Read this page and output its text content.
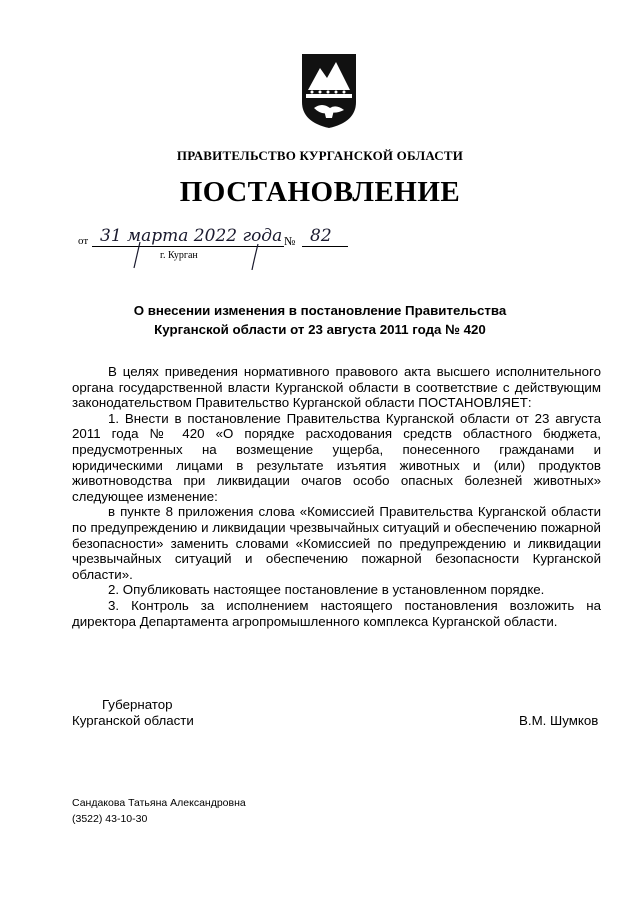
ПРАВИТЕЛЬСТВО КУРГАНСКОЙ ОБЛАСТИ
ПОСТАНОВЛЕНИЕ
от 31 марта 2022 года № 82
г. Курган
О внесении изменения в постановление Правительства
Курганской области от 23 августа 2011 года № 420

В целях приведения нормативного правового акта высшего исполнительного органа государственной власти Курганской области в соответствие с действующим законодательством Правительство Курганской области ПОСТАНОВЛЯЕТ:

1. Внести в постановление Правительства Курганской области от 23 августа 2011 года № 420 «О порядке расходования средств областного бюджета, предусмотренных на возмещение ущерба, понесенного гражданами и юридическими лицами в результате изъятия животных и (или) продуктов животноводства при ликвидации очагов особо опасных болезней животных» следующее изменение:

в пункте 8 приложения слова «Комиссией Правительства Курганской области по предупреждению и ликвидации чрезвычайных ситуаций и обеспечению пожарной безопасности» заменить словами «Комиссией по предупреждению и ликвидации чрезвычайных ситуаций и обеспечению пожарной безопасности Курганской области».

2. Опубликовать настоящее постановление в установленном порядке.

3. Контроль за исполнением настоящего постановления возложить на директора Департамента агропромышленного комплекса Курганской области.

Губернатор
Курганской области	В.М. Шумков
Сандакова Татьяна Александровна
(3522) 43-10-30
